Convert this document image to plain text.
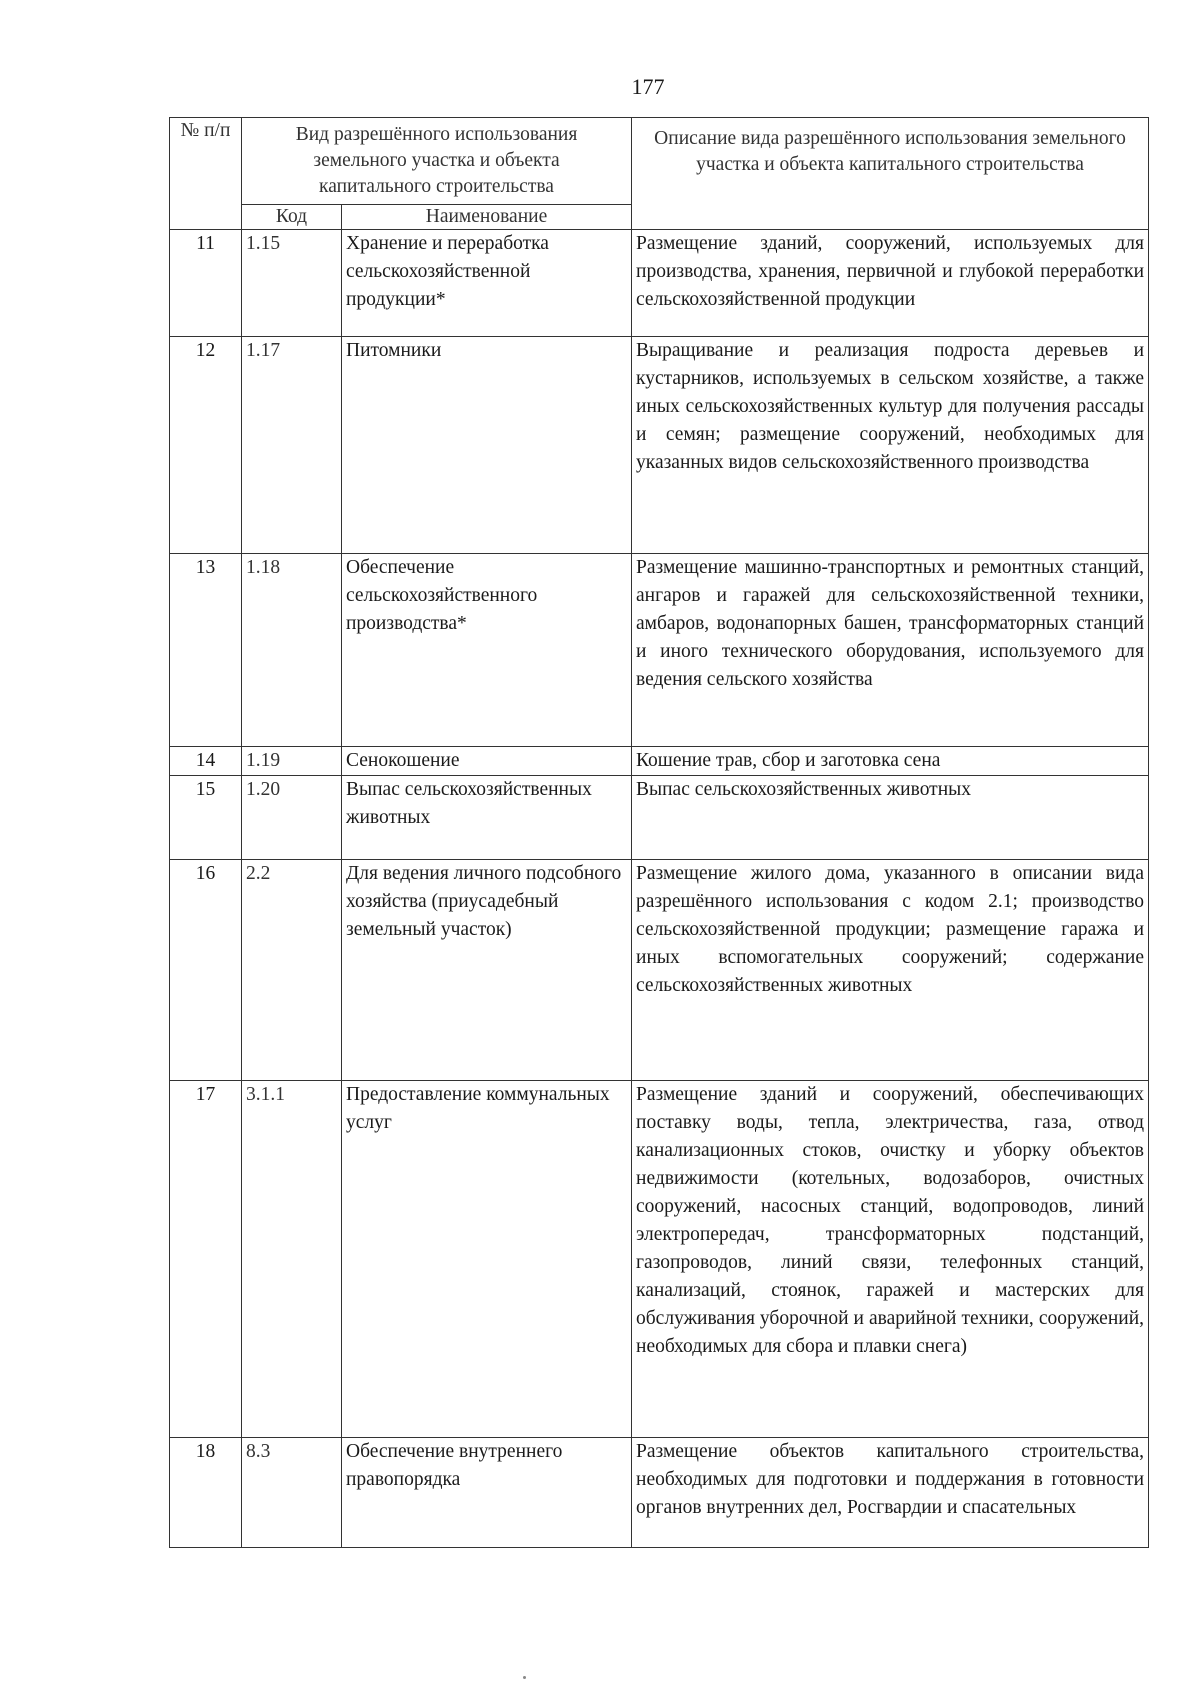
177
№ п/п	Вид разрешённого использования земельного участка и объекта капитального строительства		Описание вида разрешённого использования земельного участка и объекта капитального строительства
	Код	Наименование	
11	1.15	Хранение и переработка сельскохозяйственной продукции*	Размещение зданий, сооружений, используемых для производства, хранения, первичной и глубокой переработки сельскохозяйственной продукции
12	1.17	Питомники	Выращивание и реализация подроста деревьев и кустарников, используемых в сельском хозяйстве, а также иных сельскохозяйственных культур для получения рассады и семян; размещение сооружений, необходимых для указанных видов сельскохозяйственного производства
13	1.18	Обеспечение сельскохозяйственного производства*	Размещение машинно-транспортных и ремонтных станций, ангаров и гаражей для сельскохозяйственной техники, амбаров, водонапорных башен, трансформаторных станций и иного технического оборудования, используемого для ведения сельского хозяйства
14	1.19	Сенокошение	Кошение трав, сбор и заготовка сена
15	1.20	Выпас сельскохозяйственных животных	Выпас сельскохозяйственных животных
16	2.2	Для ведения личного подсобного хозяйства (приусадебный земельный участок)	Размещение жилого дома, указанного в описании вида разрешённого использования с кодом 2.1; производство сельскохозяйственной продукции; размещение гаража и иных вспомогательных сооружений; содержание сельскохозяйственных животных
17	3.1.1	Предоставление коммунальных услуг	Размещение зданий и сооружений, обеспечивающих поставку воды, тепла, электричества, газа, отвод канализационных стоков, очистку и уборку объектов недвижимости (котельных, водозаборов, очистных сооружений, насосных станций, водопроводов, линий электропередач, трансформаторных подстанций, газопроводов, линий связи, телефонных станций, канализаций, стоянок, гаражей и мастерских для обслуживания уборочной и аварийной техники, сооружений, необходимых для сбора и плавки снега)
18	8.3	Обеспечение внутреннего правопорядка	Размещение объектов капитального строительства, необходимых для подготовки и поддержания в готовности органов внутренних дел, Росгвардии и спасательных
